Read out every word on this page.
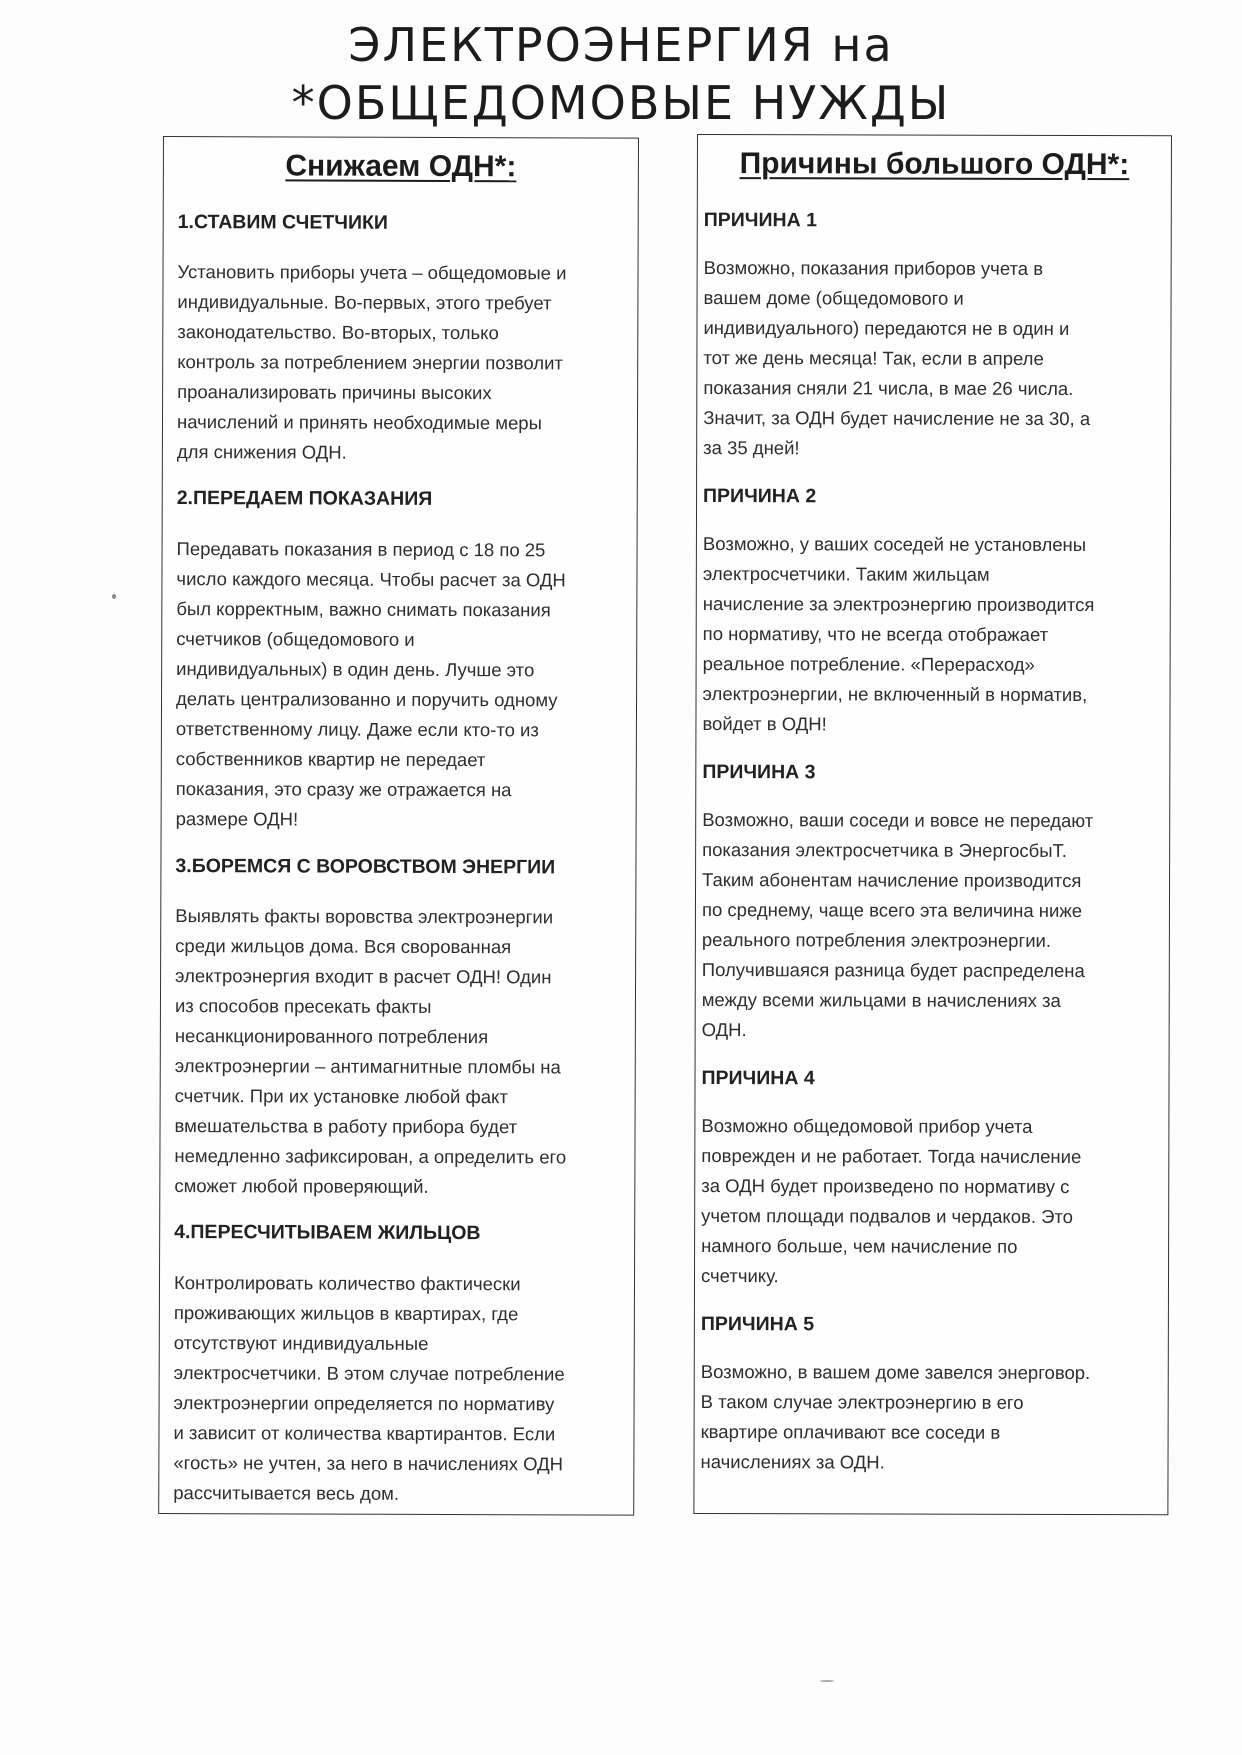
ЭЛЕКТРОЭНЕРГИЯ на
*ОБЩЕДОМОВЫЕ НУЖДЫ
Снижаем ОДН*:
1.СТАВИМ СЧЕТЧИКИ
Установить приборы учета – общедомовые и
индивидуальные. Во-первых, этого требует
законодательство. Во-вторых, только
контроль за потреблением энергии позволит
проанализировать причины высоких
начислений и принять необходимые меры
для снижения ОДН.
2.ПЕРЕДАЕМ ПОКАЗАНИЯ
Передавать показания в период с 18 по 25
число каждого месяца. Чтобы расчет за ОДН
был корректным, важно снимать показания
счетчиков (общедомового и
индивидуальных) в один день. Лучше это
делать централизованно и поручить одному
ответственному лицу. Даже если кто-то из
собственников квартир не передает
показания, это сразу же отражается на
размере ОДН!
3.БОРЕМСЯ С ВОРОВСТВОМ ЭНЕРГИИ
Выявлять факты воровства электроэнергии
среди жильцов дома. Вся сворованная
электроэнергия входит в расчет ОДН! Один
из способов пресекать факты
несанкционированного потребления
электроэнергии – антимагнитные пломбы на
счетчик. При их установке любой факт
вмешательства в работу прибора будет
немедленно зафиксирован, а определить его
сможет любой проверяющий.
4.ПЕРЕСЧИТЫВАЕМ ЖИЛЬЦОВ
Контролировать количество фактически
проживающих жильцов в квартирах, где
отсутствуют индивидуальные
электросчетчики. В этом случае потребление
электроэнергии определяется по нормативу
и зависит от количества квартирантов. Если
«гость» не учтен, за него в начислениях ОДН
рассчитывается весь дом.
Причины большого ОДН*:
ПРИЧИНА 1
Возможно, показания приборов учета в
вашем доме (общедомового и
индивидуального) передаются не в один и
тот же день месяца! Так, если в апреле
показания сняли 21 числа, в мае 26 числа.
Значит, за ОДН будет начисление не за 30, а
за 35 дней!
ПРИЧИНА 2
Возможно, у ваших соседей не установлены
электросчетчики. Таким жильцам
начисление за электроэнергию производится
по нормативу, что не всегда отображает
реальное потребление. «Перерасход»
электроэнергии, не включенный в норматив,
войдет в ОДН!
ПРИЧИНА 3
Возможно, ваши соседи и вовсе не передают
показания электросчетчика в ЭнергосбыТ.
Таким абонентам начисление производится
по среднему, чаще всего эта величина ниже
реального потребления электроэнергии.
Получившаяся разница будет распределена
между всеми жильцами в начислениях за
ОДН.
ПРИЧИНА 4
Возможно общедомовой прибор учета
поврежден и не работает. Тогда начисление
за ОДН будет произведено по нормативу с
учетом площади подвалов и чердаков. Это
намного больше, чем начисление по
счетчику.
ПРИЧИНА 5
Возможно, в вашем доме завелся энерговор.
В таком случае электроэнергию в его
квартире оплачивают все соседи в
начислениях за ОДН.
